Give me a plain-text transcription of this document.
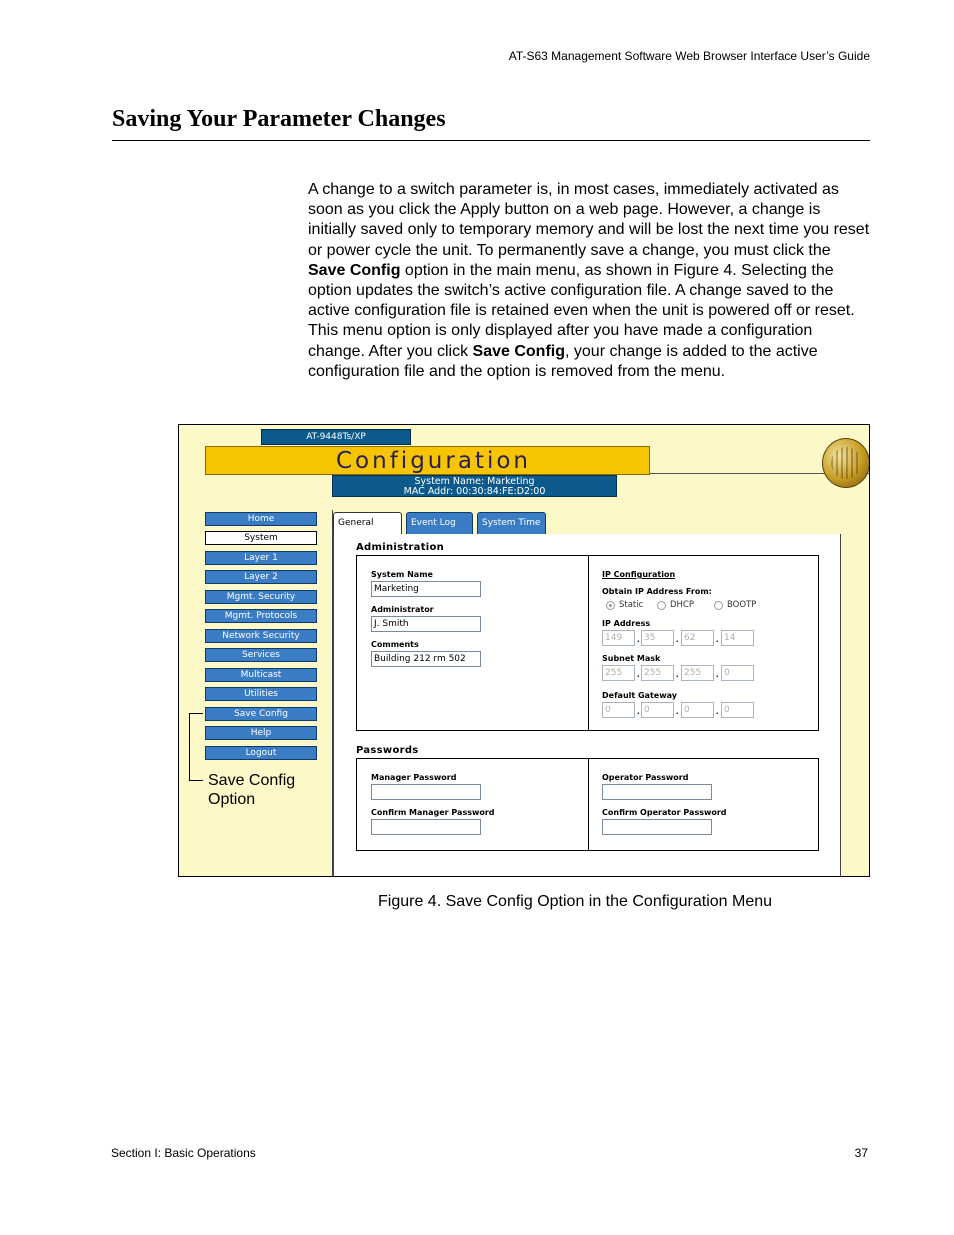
AT-S63 Management Software Web Browser Interface User’s Guide
Saving Your Parameter Changes

A change to a switch parameter is, in most cases, immediately activated as soon as you click the Apply button on a web page. However, a change is initially saved only to temporary memory and will be lost the next time you reset or power cycle the unit. To permanently save a change, you must click the Save Config option in the main menu, as shown in Figure 4. Selecting the option updates the switch’s active configuration file. A change saved to the active configuration file is retained even when the unit is powered off or reset. This menu option is only displayed after you have made a configuration change. After you click Save Config, your change is added to the active configuration file and the option is removed from the menu.

AT-9448Ts/XP
Configuration
System Name: Marketing
MAC Addr: 00:30:84:FE:D2:00
Home
System
Layer 1
Layer 2
Mgmt. Security
Mgmt. Protocols
Network Security
Services
Multicast
Utilities
Save Config
Help
Logout
Save Config
Option
General	Event Log	System Time
Administration
System Name
Marketing
Administrator
J. Smith
Comments
Building 212 rm 502
IP Configuration
Obtain IP Address From:
Static	DHCP	BOOTP
IP Address
149	. 35	. 62	. 14
Subnet Mask
255	. 255	. 255	. 0
Default Gateway
0	. 0	. 0	. 0
Passwords
Manager Password
Confirm Manager Password
Operator Password
Confirm Operator Password
Figure 4. Save Config Option in the Configuration Menu
Section I: Basic Operations	37
